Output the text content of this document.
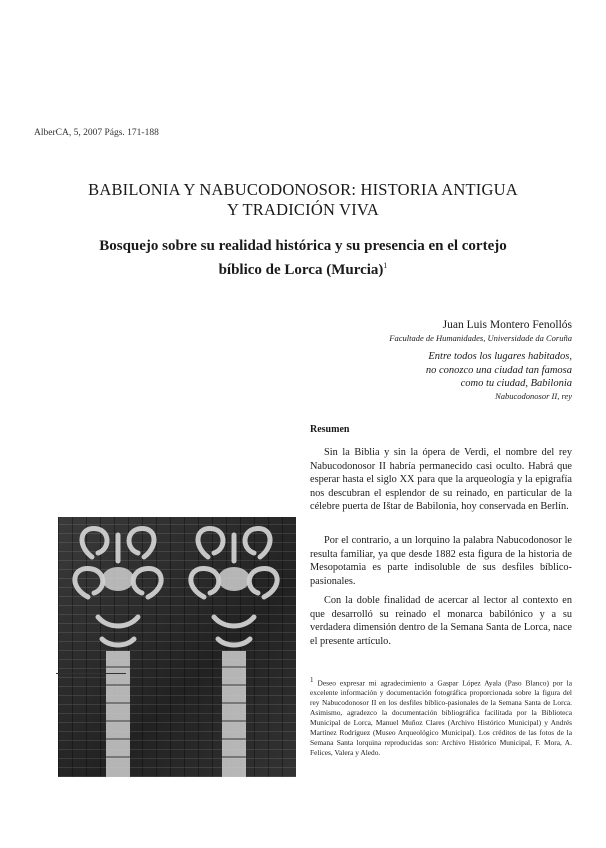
AlberCA, 5, 2007 Págs. 171-188
BABILONIA Y NABUCODONOSOR: HISTORIA ANTIGUA
Y TRADICIÓN VIVA
Bosquejo sobre su realidad histórica y su presencia en el cortejo
bíblico de Lorca (Murcia)$^1$
Juan Luis Montero Fenollós
Facultade de Humanidades, Universidade da Coruña
Entre todos los lugares habitados,
no conozco una ciudad tan famosa
como tu ciudad, Babilonia
Nabucodonosor II, rey
Resumen

Sin la Biblia y sin la ópera de Verdi, el nombre del rey Nabucodonosor II habría permanecido casi oculto. Habrá que esperar hasta el siglo XX para que la arqueología y la epigrafía nos descubran el esplendor de su reinado, en particular de la célebre puerta de Ištar de Babilonia, hoy conservada en Berlín.

Por el contrario, a un lorquino la palabra Nabucodonosor le resulta familiar, ya que desde 1882 esta figura de la historia de Mesopotamia es parte indisoluble de sus desfiles bíblico-pasionales.

Con la doble finalidad de acercar al lector al contexto en que desarrolló su reinado el monarca babilónico y a su verdadera dimensión dentro de la Semana Santa de Lorca, nace el presente artículo.

1 Deseo expresar mi agradecimiento a Gaspar López Ayala (Paso Blanco) por la excelente información y documentación fotográfica proporcionada sobre la figura del rey Nabucodonosor II en los desfiles bíblico-pasionales de la Semana Santa de Lorca. Asimismo, agradezco la documentación bibliográfica facilitada por la Biblioteca Municipal de Lorca, Manuel Muñoz Clares (Archivo Histórico Municipal) y Andrés Martínez Rodríguez (Museo Arqueológico Municipal). Los créditos de las fotos de la Semana Santa lorquina reproducidas son: Archivo Histórico Municipal, F. Mora, A. Felices, Valera y Aledo.
